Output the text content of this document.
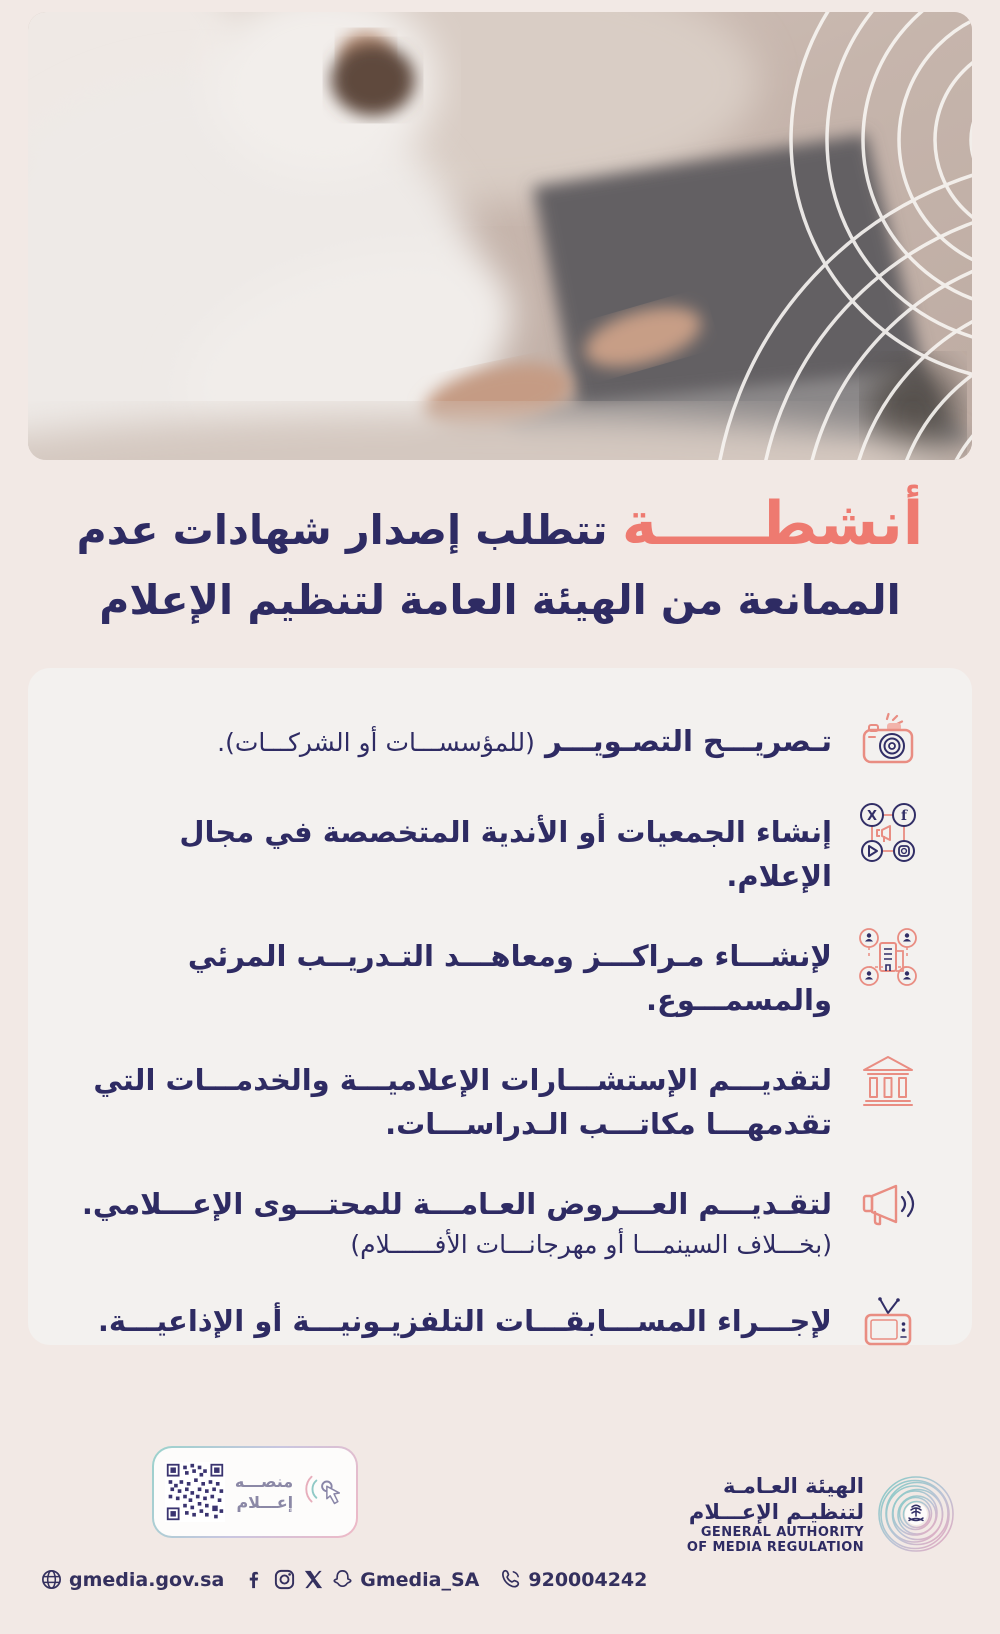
أنشطـــــة تتطلب إصدار شهادات عدم
الممانعة من الهيئة العامة لتنظيم الإعلام
تـصريـــح التصـويـــر (للمؤسســـات أو الشركـــات).
X f
إنشاء الجمعيات أو الأندية المتخصصة في مجال الإعلام.
لإنشـــاء مـراكـــز ومعاهـــد التـدريــب المرئي والمسمـــوع.
لتقديـــم الإستشـــارات الإعلاميـــة والخدمـــات التي تقدمهـــا مكاتـــب الـدراســـات.
لتقـديـــم العـــروض العـامـــة للمحتـــوى الإعـــلامي.
(بخـــلاف السينمـــا أو مهرجانـــات الأفــــــلام)
لإجـــراء المســـابقـــات التلفزيـونيـــة أو الإذاعيـــة.
منصـــه
إعـــلام
الهيئة العـامـة
لتنظيـم الإعـــلام
GENERAL AUTHORITY
OF MEDIA REGULATION
gmedia.gov.sa	Gmedia_SA	920004242
